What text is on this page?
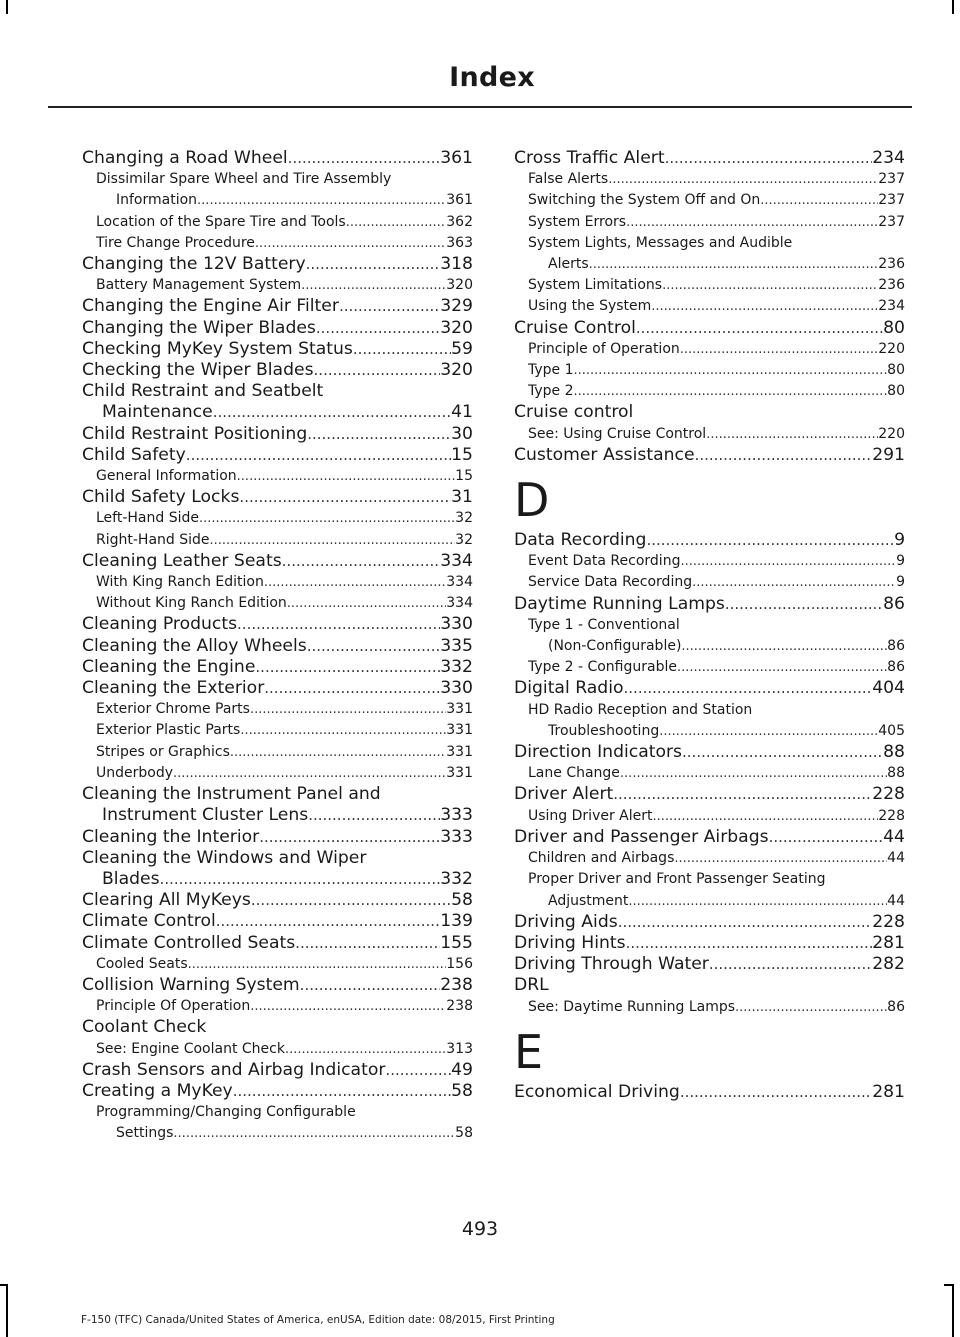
Index
Changing a Road Wheel .....	361
Dissimilar Spare Wheel and Tire Assembly
Information .....	361
Location of the Spare Tire and Tools .....	362
Tire Change Procedure .....	363
Changing the 12V Battery .....	318
Battery Management System .....	320
Changing the Engine Air Filter .....	329
Changing the Wiper Blades .....	320
Checking MyKey System Status .....	59
Checking the Wiper Blades .....	320
Child Restraint and Seatbelt
Maintenance .....	41
Child Restraint Positioning .....	30
Child Safety .....	15
General Information .....	15
Child Safety Locks .....	31
Left-Hand Side .....	32
Right-Hand Side .....	32
Cleaning Leather Seats .....	334
With King Ranch Edition .....	334
Without King Ranch Edition .....	334
Cleaning Products .....	330
Cleaning the Alloy Wheels .....	335
Cleaning the Engine .....	332
Cleaning the Exterior .....	330
Exterior Chrome Parts .....	331
Exterior Plastic Parts .....	331
Stripes or Graphics .....	331
Underbody .....	331
Cleaning the Instrument Panel and
Instrument Cluster Lens .....	333
Cleaning the Interior .....	333
Cleaning the Windows and Wiper
Blades .....	332
Clearing All MyKeys .....	58
Climate Control .....	139
Climate Controlled Seats .....	155
Cooled Seats .....	156
Collision Warning System .....	238
Principle Of Operation .....	238
Coolant Check
See: Engine Coolant Check .....	313
Crash Sensors and Airbag Indicator .....	49
Creating a MyKey .....	58
Programming/Changing Configurable
Settings .....	58
Cross Traffic Alert .....	234
False Alerts .....	237
Switching the System Off and On .....	237
System Errors .....	237
System Lights, Messages and Audible
Alerts .....	236
System Limitations .....	236
Using the System .....	234
Cruise Control .....	80
Principle of Operation .....	220
Type 1 .....	80
Type 2 .....	80
Cruise control
See: Using Cruise Control .....	220
Customer Assistance .....	291
D
Data Recording .....	9
Event Data Recording .....	9
Service Data Recording .....	9
Daytime Running Lamps .....	86
Type 1 - Conventional
(Non-Configurable) .....	86
Type 2 - Configurable .....	86
Digital Radio .....	404
HD Radio Reception and Station
Troubleshooting .....	405
Direction Indicators .....	88
Lane Change .....	88
Driver Alert .....	228
Using Driver Alert .....	228
Driver and Passenger Airbags .....	44
Children and Airbags .....	44
Proper Driver and Front Passenger Seating
Adjustment .....	44
Driving Aids .....	228
Driving Hints .....	281
Driving Through Water .....	282
DRL
See: Daytime Running Lamps .....	86
E
Economical Driving .....	281
493
F-150 (TFC) Canada/United States of America, enUSA, Edition date: 08/2015, First Printing
